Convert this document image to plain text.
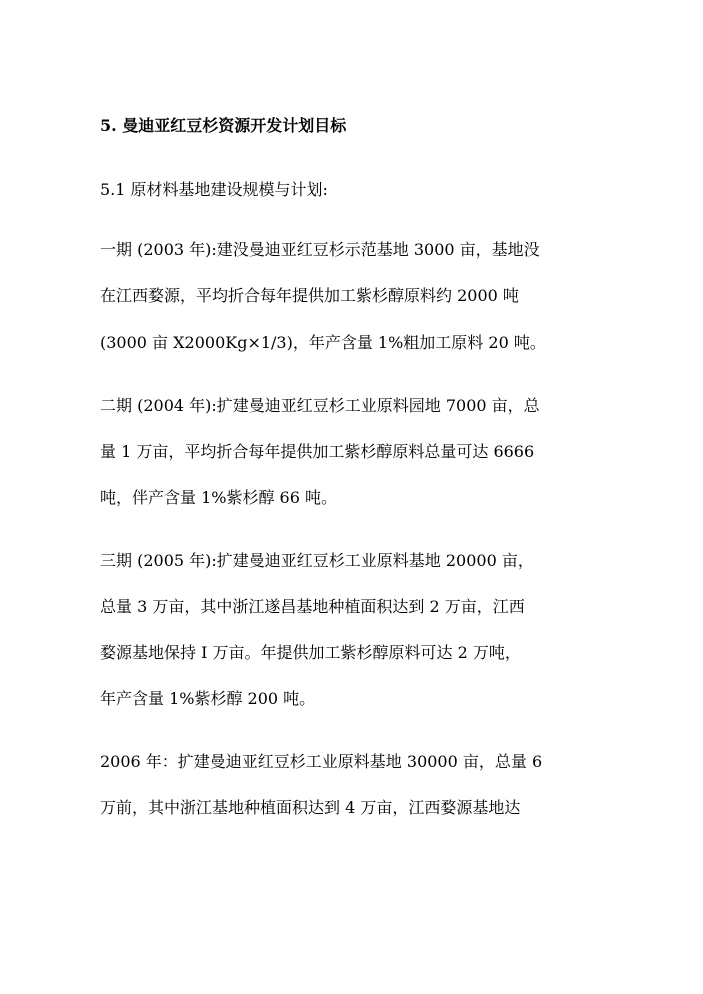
5. 曼迪亚红豆杉资源开发计划目标
5.1 原材料基地建设规模与计划:
一期 (2003 年):建没曼迪亚红豆杉示范基地 3000 亩，基地没
在江西婺源，平均折合每年提供加工紫杉醇原料约 2000 吨
(3000 亩 X2000Kg×1/3)，年产含量 1%粗加工原料 20 吨。
二期 (2004 年):扩建曼迪亚红豆杉工业原料园地 7000 亩，总
量 1 万亩，平均折合每年提供加工紫杉醇原料总量可达 6666
吨，伴产含量 1%紫杉醇 66 吨。
三期 (2005 年):扩建曼迪亚红豆杉工业原料基地 20000 亩，
总量 3 万亩，其中浙江遂昌基地种植面积达到 2 万亩，江西
婺源基地保持 I 万亩。年提供加工紫杉醇原料可达 2 万吨，
年产含量 1%紫杉醇 200 吨。
2006 年：扩建曼迪亚红豆杉工业原料基地 30000 亩，总量 6
万前，其中浙江基地种植面积达到 4 万亩，江西婺源基地达
